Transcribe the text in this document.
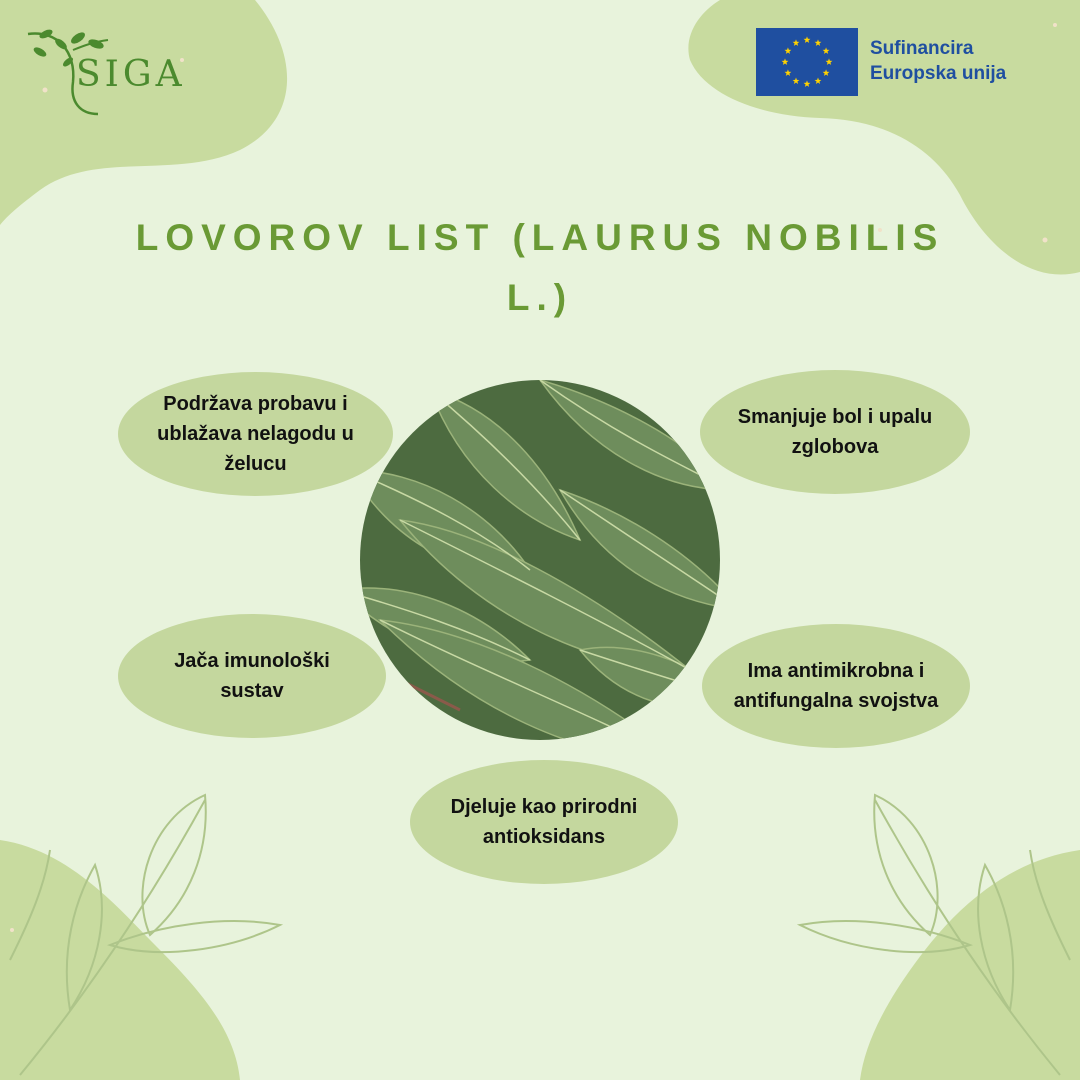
SIGA
Sufinancira
Europska unija
LOVOROV LIST (LAURUS NOBILIS L.)
Podržava probavu i ublažava nelagodu u želucu
Smanjuje bol i upalu zglobova
Jača imunološki sustav
Ima antimikrobna i antifungalna svojstva
Djeluje kao prirodni antioksidans
